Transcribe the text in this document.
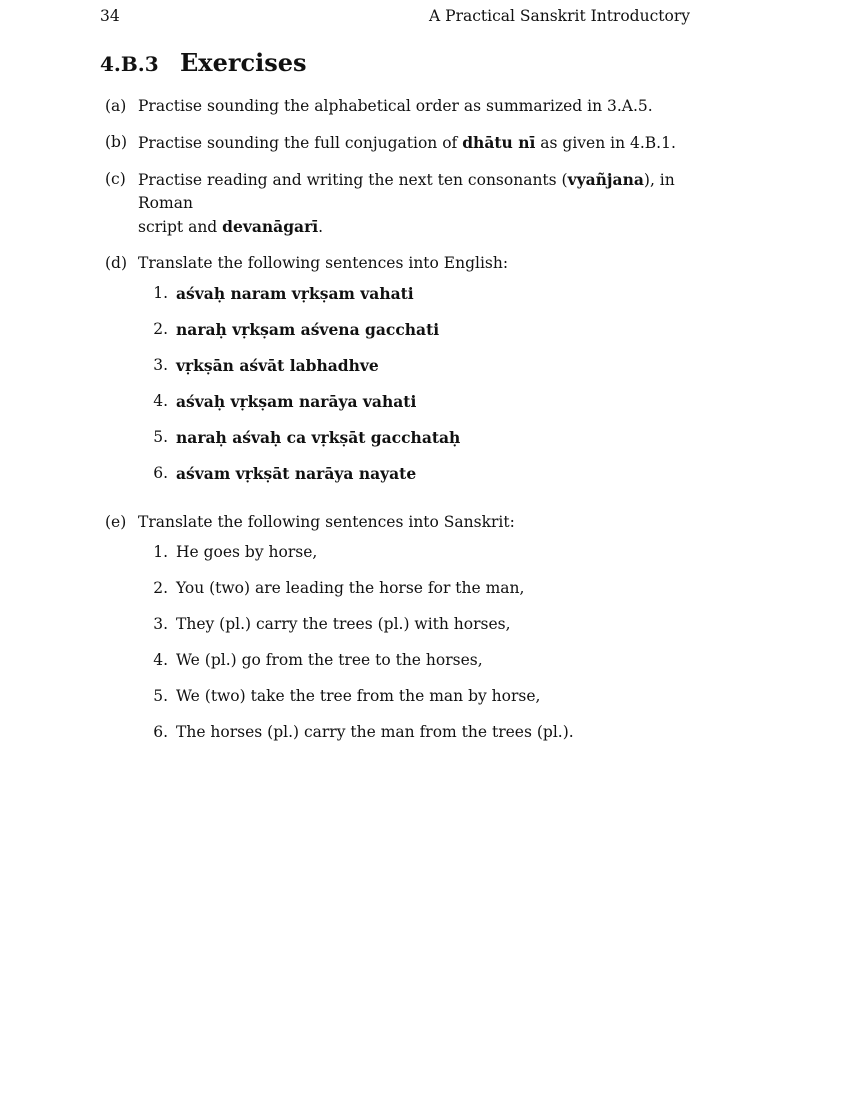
34	A Practical Sanskrit Introductory
4.B.3 Exercises
(a) Practise sounding the alphabetical order as summarized in 3.A.5.
(b) Practise sounding the full conjugation of dhātu nī as given in 4.B.1.
(c) Practise reading and writing the next ten consonants (vyañjana), in Roman
script and devanāgarī.
(d) Translate the following sentences into English:
1. aśvaḥ naram vṛkṣam vahati
2. naraḥ vṛkṣam aśvena gacchati
3. vṛkṣān aśvāt labhadhve
4. aśvaḥ vṛkṣam narāya vahati
5. naraḥ aśvaḥ ca vṛkṣāt gacchataḥ
6. aśvam vṛkṣāt narāya nayate
(e) Translate the following sentences into Sanskrit:
1. He goes by horse,
2. You (two) are leading the horse for the man,
3. They (pl.) carry the trees (pl.) with horses,
4. We (pl.) go from the tree to the horses,
5. We (two) take the tree from the man by horse,
6. The horses (pl.) carry the man from the trees (pl.).
